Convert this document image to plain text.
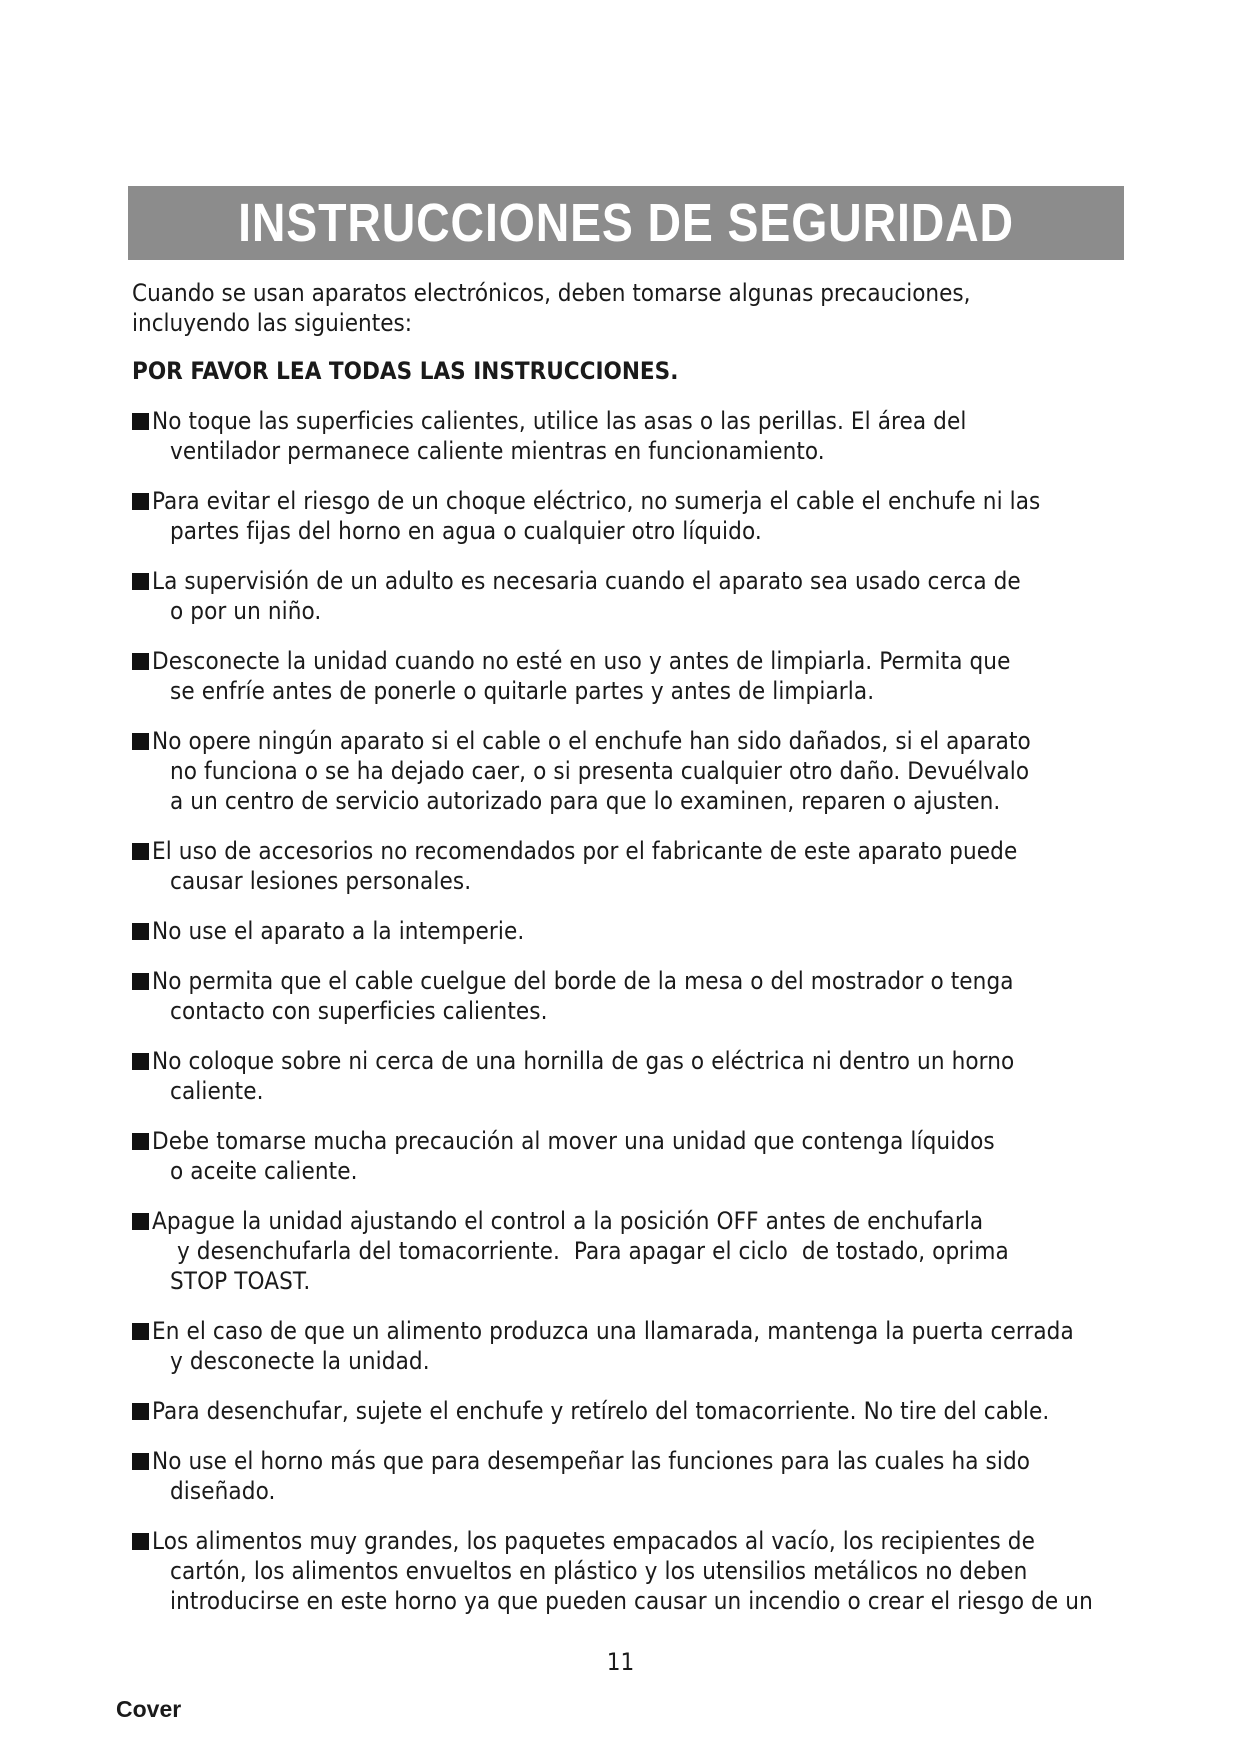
INSTRUCCIONES DE SEGURIDAD
Cuando se usan aparatos electrónicos, deben tomarse algunas precauciones,
incluyendo las siguientes:
POR FAVOR LEA TODAS LAS INSTRUCCIONES.
No toque las superficies calientes, utilice las asas o las perillas. El área del
ventilador permanece caliente mientras en funcionamiento.
Para evitar el riesgo de un choque eléctrico, no sumerja el cable el enchufe ni las
partes fijas del horno en agua o cualquier otro líquido.
La supervisión de un adulto es necesaria cuando el aparato sea usado cerca de
o por un niño.
Desconecte la unidad cuando no esté en uso y antes de limpiarla. Permita que
se enfríe antes de ponerle o quitarle partes y antes de limpiarla.
No opere ningún aparato si el cable o el enchufe han sido dañados, si el aparato
no funciona o se ha dejado caer, o si presenta cualquier otro daño. Devuélvalo
a un centro de servicio autorizado para que lo examinen, reparen o ajusten.
El uso de accesorios no recomendados por el fabricante de este aparato puede
causar lesiones personales.
No use el aparato a la intemperie.
No permita que el cable cuelgue del borde de la mesa o del mostrador o tenga
contacto con superficies calientes.
No coloque sobre ni cerca de una hornilla de gas o eléctrica ni dentro un horno
caliente.
Debe tomarse mucha precaución al mover una unidad que contenga líquidos
o aceite caliente.
Apague la unidad ajustando el control a la posición OFF antes de enchufarla
y desenchufarla del tomacorriente.  Para apagar el ciclo  de tostado, oprima
STOP TOAST.
En el caso de que un alimento produzca una llamarada, mantenga la puerta cerrada
y desconecte la unidad.
Para desenchufar, sujete el enchufe y retírelo del tomacorriente. No tire del cable.
No use el horno más que para desempeñar las funciones para las cuales ha sido
diseñado.
Los alimentos muy grandes, los paquetes empacados al vacío, los recipientes de
cartón, los alimentos envueltos en plástico y los utensilios metálicos no deben
introducirse en este horno ya que pueden causar un incendio o crear el riesgo de un
11
Cover
